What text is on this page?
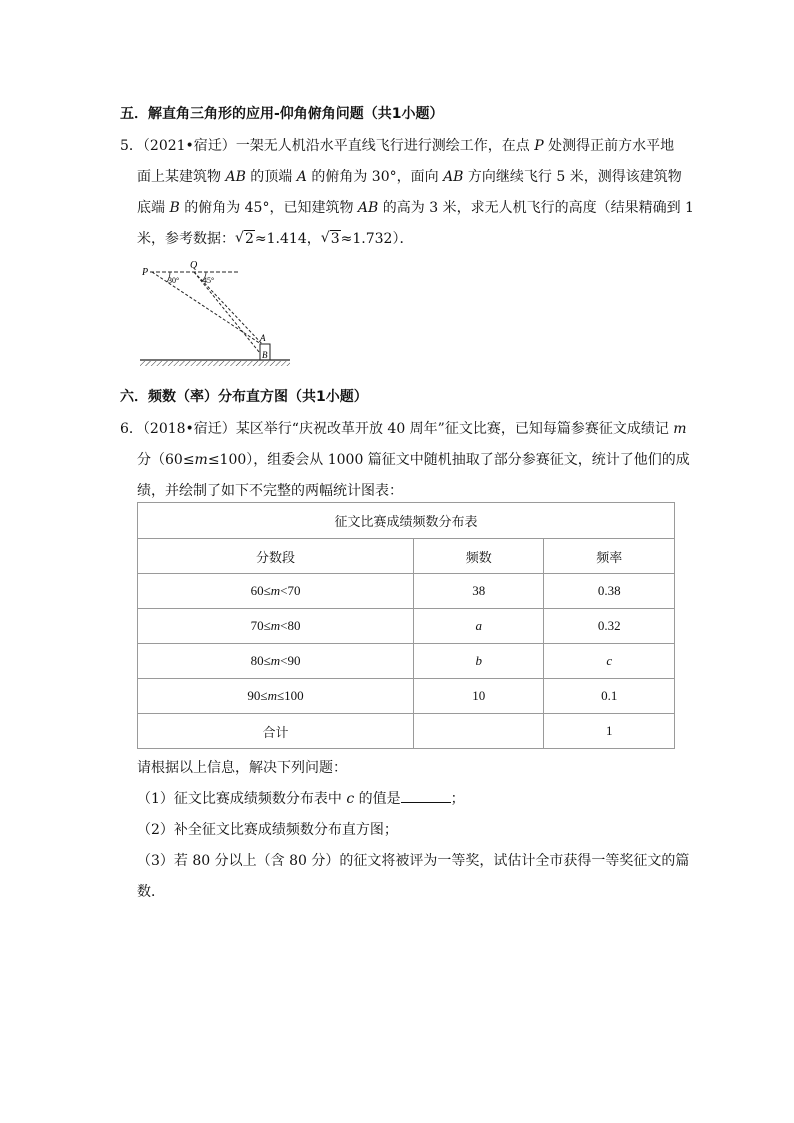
五．解直角三角形的应用-仰角俯角问题（共1小题）
5．（2021•宿迁）一架无人机沿水平直线飞行进行测绘工作，在点 P 处测得正前方水平地
面上某建筑物 AB 的顶端 A 的俯角为 30°，面向 AB 方向继续飞行 5 米，测得该建筑物
底端 B 的俯角为 45°，已知建筑物 AB 的高为 3 米，求无人机飞行的高度（结果精确到 1
米，参考数据： √ 2≈1.414， √ 3≈1.732）．
P
Q
30°	45°
A
B
六．频数（率）分布直方图（共1小题）
6．（2018•宿迁）某区举行“庆祝改革开放 40 周年”征文比赛，已知每篇参赛征文成绩记 m
分（60≤m≤100），组委会从 1000 篇征文中随机抽取了部分参赛征文，统计了他们的成
绩，并绘制了如下不完整的两幅统计图表：
征文比赛成绩频数分布表		
分数段	频数	频率
60≤m<70	38	0.38
70≤m<80	a	0.32
80≤m<90	b	c
90≤m≤100	10	0.1
合计		1
请根据以上信息，解决下列问题：
（1）征文比赛成绩频数分布表中 c 的值是	；
（2）补全征文比赛成绩频数分布直方图；
（3）若 80 分以上（含 80 分）的征文将被评为一等奖，试估计全市获得一等奖征文的篇
数．
